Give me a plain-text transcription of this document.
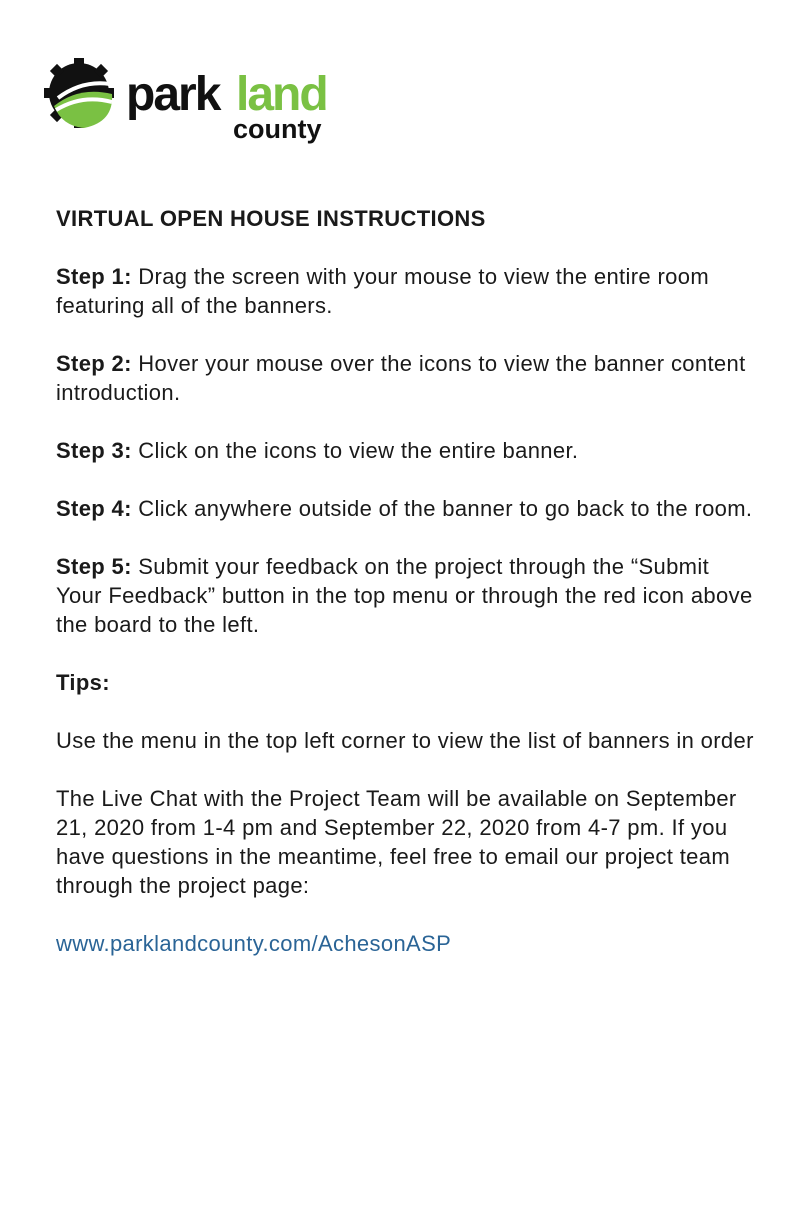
park land
county
VIRTUAL OPEN HOUSE INSTRUCTIONS
Step 1: Drag the screen with your mouse to view the entire room featuring all of the banners.
Step 2: Hover your mouse over the icons to view the banner content introduction.
Step 3: Click on the icons to view the entire banner.
Step 4: Click anywhere outside of the banner to go back to the room.
Step 5: Submit your feedback on the project through the “Submit Your Feedback” button in the top menu or through the red icon above the board to the left.
Tips:
Use the menu in the top left corner to view the list of banners in order
The Live Chat with the Project Team will be available on September 21, 2020 from 1-4 pm and September 22, 2020 from 4-7 pm. If you have questions in the meantime, feel free to email our project team through the project page:
www.parklandcounty.com/AchesonASP
